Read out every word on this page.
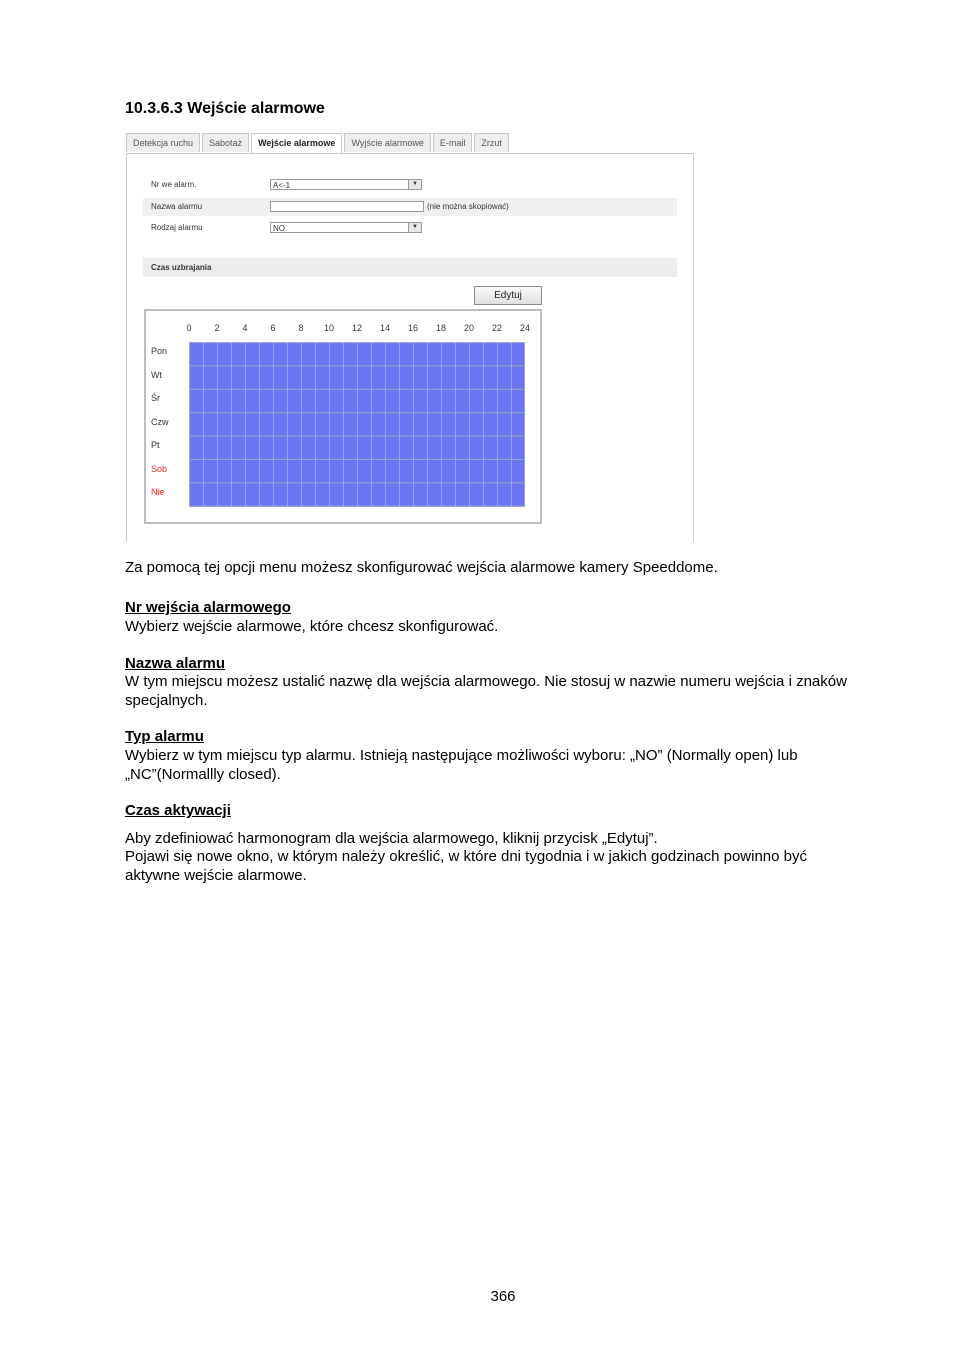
10.3.6.3 Wejście alarmowe
Detekcja ruchu	Sabotaż	Wejście alarmowe	Wyjście alarmowe	E-mail	Zrzut
Nr we alarm.	A<-1	▼
Nazwa alarmu	(nie można skopiować)
Rodzaj alarmu	NO	▼
Czas uzbrajania
Edytuj
0	2	4	6	8 10 12 14 16 18 20 22 24
Pon
Wt
Śr
Czw
Pt
Sob
Nie

Za pomocą tej opcji menu możesz skonfigurować wejścia alarmowe kamery Speeddome.

Nr wejścia alarmowego

Wybierz wejście alarmowe, które chcesz skonfigurować.

Nazwa alarmu

W tym miejscu możesz ustalić nazwę dla wejścia alarmowego. Nie stosuj w nazwie numeru wejścia i znaków specjalnych.

Typ alarmu

Wybierz w tym miejscu typ alarmu. Istnieją następujące możliwości wyboru: „NO” (Normally open) lub „NC”(Normallly closed).

Czas aktywacji

Aby zdefiniować harmonogram dla wejścia alarmowego, kliknij przycisk „Edytuj”.

Pojawi się nowe okno, w którym należy określić, w które dni tygodnia i w jakich godzinach powinno być aktywne wejście alarmowe.

366
